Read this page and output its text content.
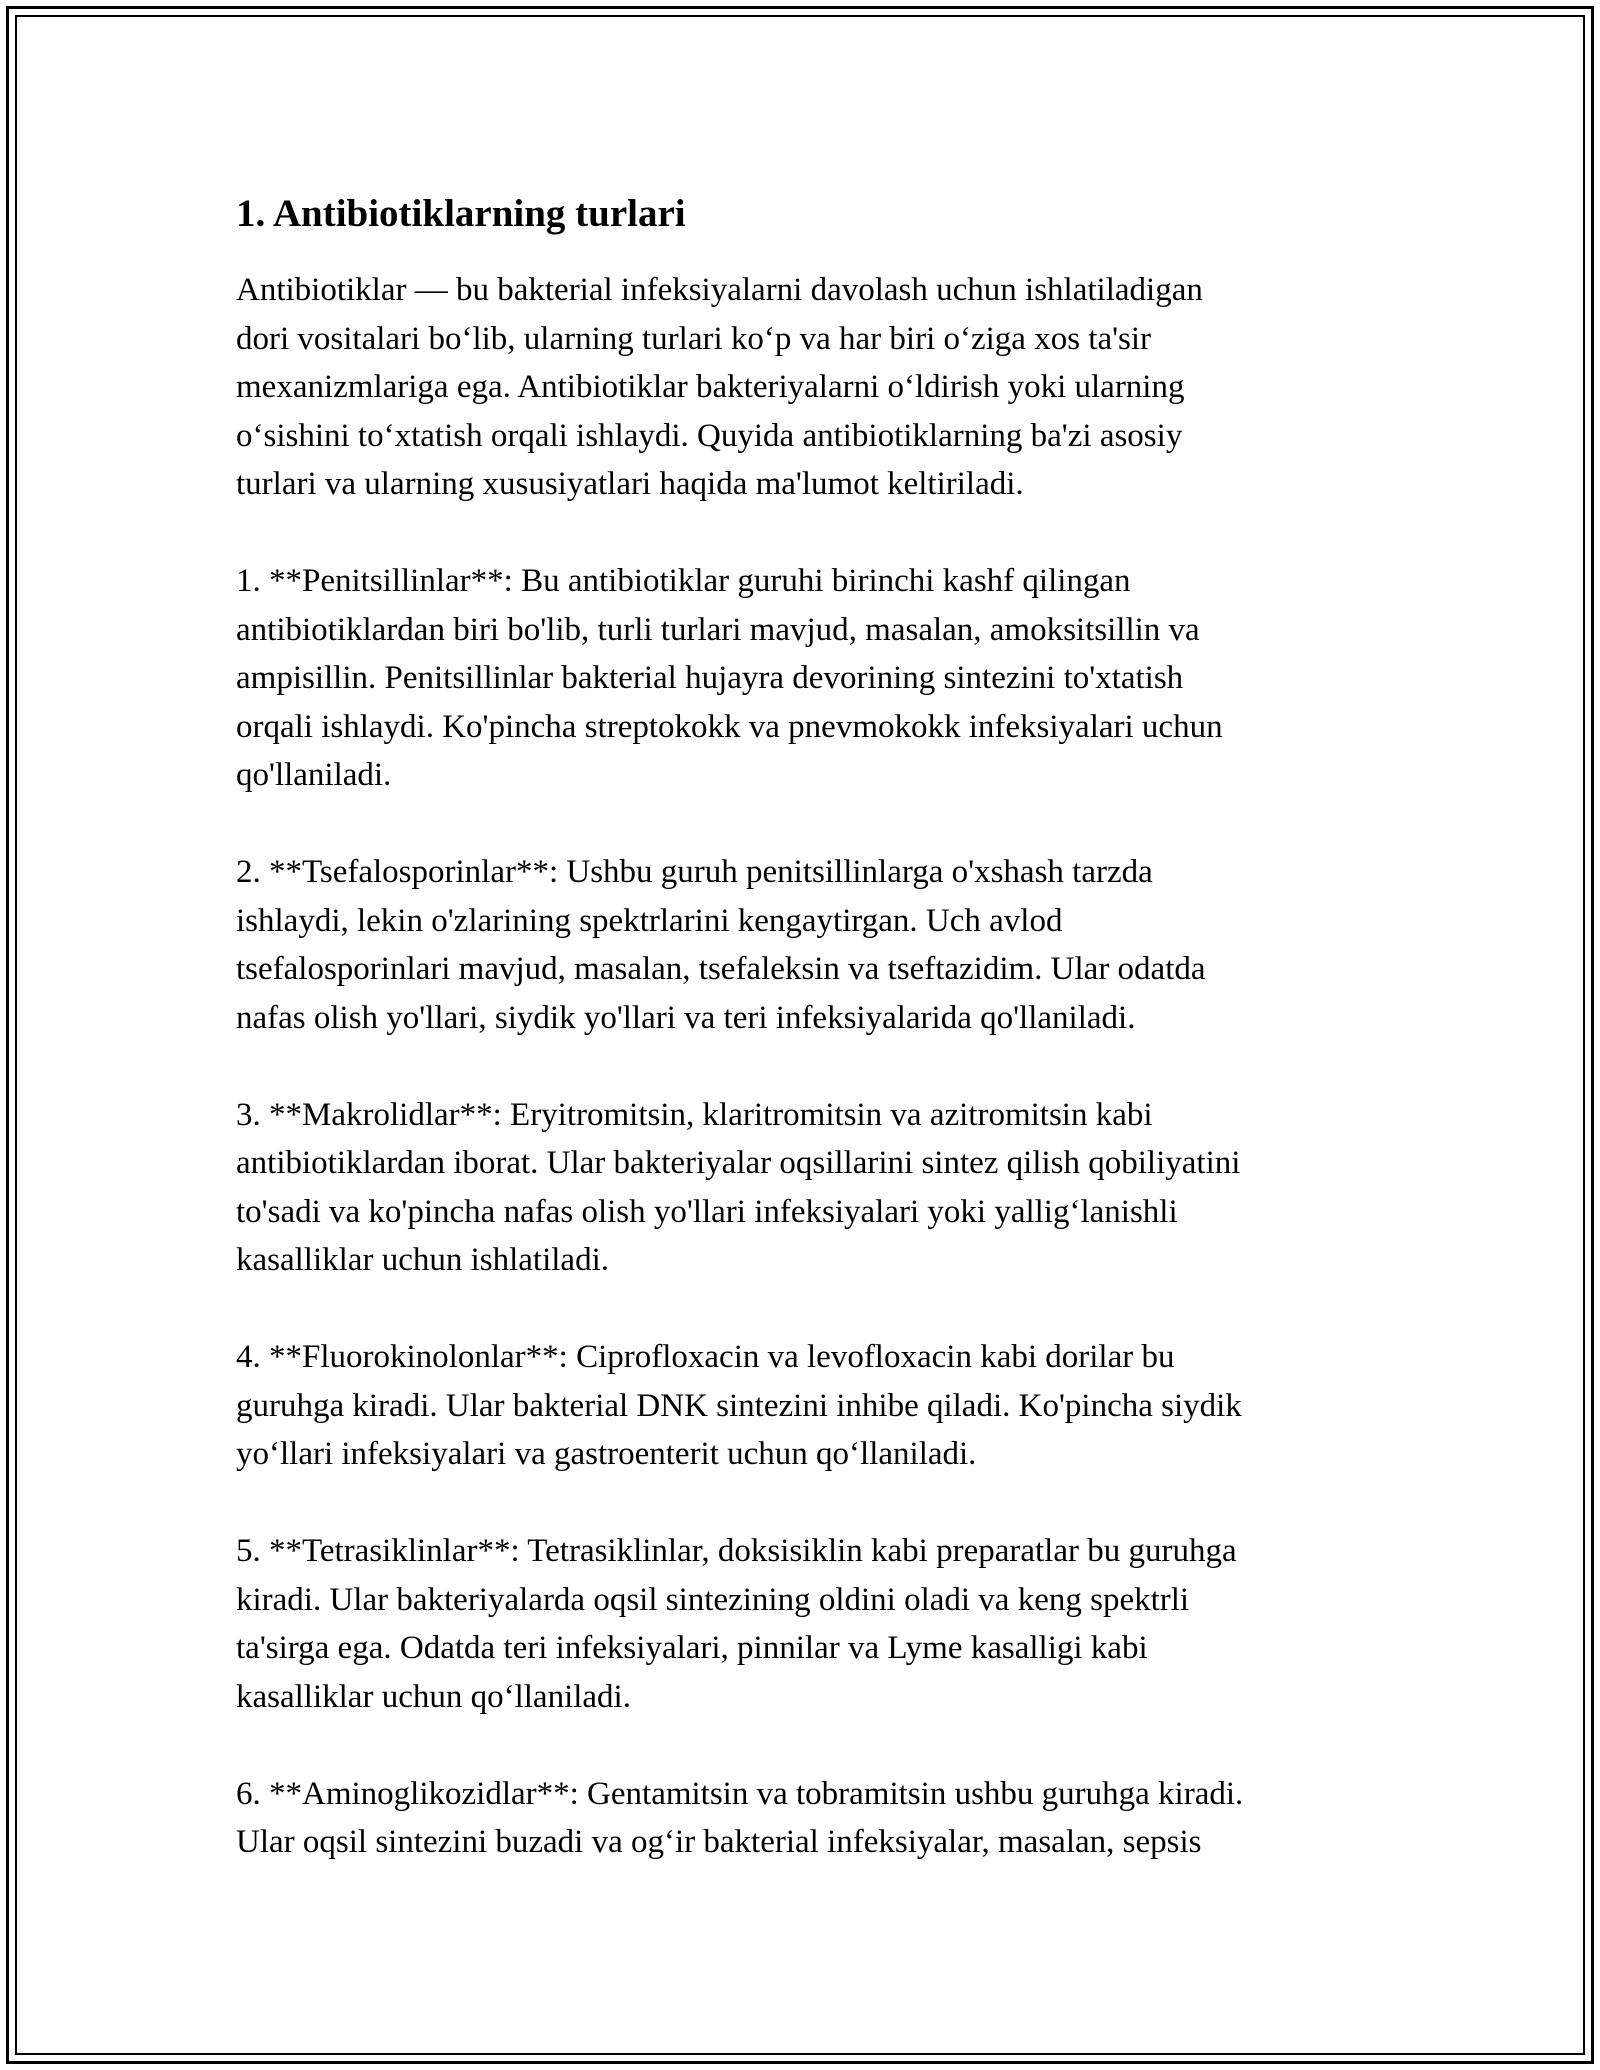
1. Antibiotiklarning turlari
Antibiotiklar — bu bakterial infeksiyalarni davolash uchun ishlatiladigan
dori vositalari bo‘lib, ularning turlari ko‘p va har biri o‘ziga xos ta'sir
mexanizmlariga ega. Antibiotiklar bakteriyalarni o‘ldirish yoki ularning
o‘sishini to‘xtatish orqali ishlaydi. Quyida antibiotiklarning ba'zi asosiy
turlari va ularning xususiyatlari haqida ma'lumot keltiriladi.
1. **Penitsillinlar**: Bu antibiotiklar guruhi birinchi kashf qilingan
antibiotiklardan biri bo'lib, turli turlari mavjud, masalan, amoksitsillin va
ampisillin. Penitsillinlar bakterial hujayra devorining sintezini to'xtatish
orqali ishlaydi. Ko'pincha streptokokk va pnevmokokk infeksiyalari uchun
qo'llaniladi.
2. **Tsefalosporinlar**: Ushbu guruh penitsillinlarga o'xshash tarzda
ishlaydi, lekin o'zlarining spektrlarini kengaytirgan. Uch avlod
tsefalosporinlari mavjud, masalan, tsefaleksin va tseftazidim. Ular odatda
nafas olish yo'llari, siydik yo'llari va teri infeksiyalarida qo'llaniladi.
3. **Makrolidlar**: Eryitromitsin, klaritromitsin va azitromitsin kabi
antibiotiklardan iborat. Ular bakteriyalar oqsillarini sintez qilish qobiliyatini
to'sadi va ko'pincha nafas olish yo'llari infeksiyalari yoki yallig‘lanishli
kasalliklar uchun ishlatiladi.
4. **Fluorokinolonlar**: Ciprofloxacin va levofloxacin kabi dorilar bu
guruhga kiradi. Ular bakterial DNK sintezini inhibe qiladi. Ko'pincha siydik
yo‘llari infeksiyalari va gastroenterit uchun qo‘llaniladi.
5. **Tetrasiklinlar**: Tetrasiklinlar, doksisiklin kabi preparatlar bu guruhga
kiradi. Ular bakteriyalarda oqsil sintezining oldini oladi va keng spektrli
ta'sirga ega. Odatda teri infeksiyalari, pinnilar va Lyme kasalligi kabi
kasalliklar uchun qo‘llaniladi.
6. **Aminoglikozidlar**: Gentamitsin va tobramitsin ushbu guruhga kiradi.
Ular oqsil sintezini buzadi va og‘ir bakterial infeksiyalar, masalan, sepsis
